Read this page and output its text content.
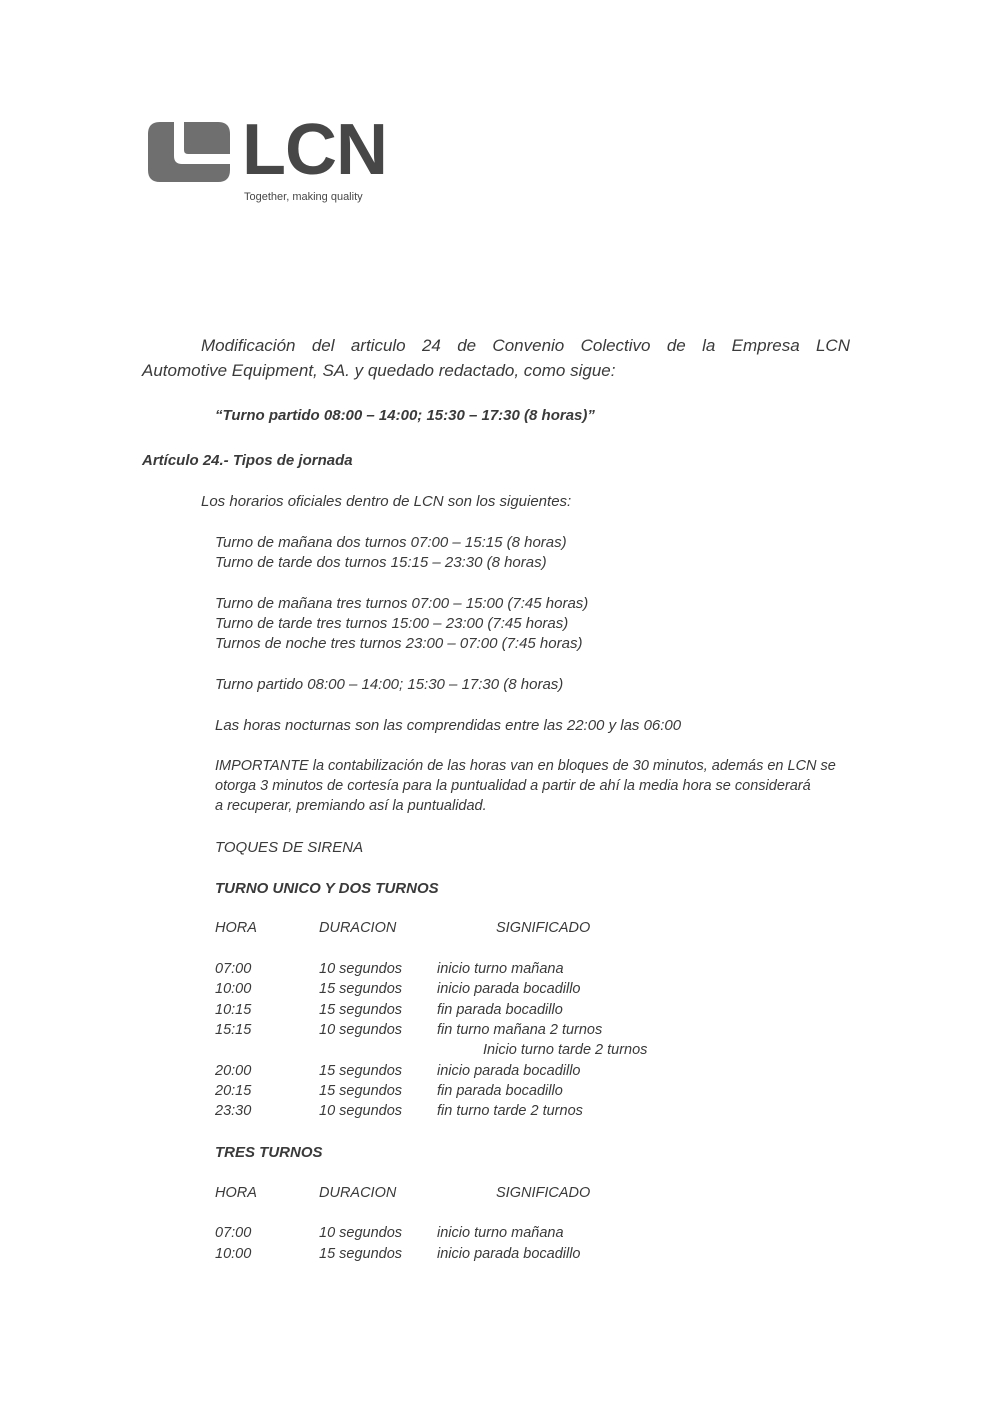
LCN
Together, making quality
Modificación del articulo 24 de Convenio Colectivo de la Empresa LCN
Automotive Equipment, SA. y quedado redactado, como sigue:
“Turno partido 08:00 – 14:00; 15:30 – 17:30 (8 horas)”
Artículo 24.- Tipos de jornada
Los horarios oficiales dentro de LCN son los siguientes:
Turno de mañana dos turnos 07:00 – 15:15 (8 horas)
Turno de tarde dos turnos 15:15 – 23:30 (8 horas)
Turno de mañana tres turnos 07:00 – 15:00 (7:45 horas)
Turno de tarde tres turnos 15:00 – 23:00 (7:45 horas)
Turnos de noche tres turnos 23:00 – 07:00 (7:45 horas)
Turno partido 08:00 – 14:00; 15:30 – 17:30 (8 horas)
Las horas nocturnas son las comprendidas entre las 22:00 y las 06:00
IMPORTANTE la contabilización de las horas van en bloques de 30 minutos, además en LCN se
otorga 3 minutos de cortesía para la puntualidad a partir de ahí la media hora se considerará
a recuperar, premiando así la puntualidad.
TOQUES DE SIRENA
TURNO UNICO Y DOS TURNOS
HORA	DURACION	SIGNIFICADO
07:00	10 segundos inicio turno mañana
10:00	15 segundos inicio parada bocadillo
10:15	15 segundos fin parada bocadillo
15:15	10 segundos fin turno mañana 2 turnos
Inicio turno tarde 2 turnos
20:00	15 segundos inicio parada bocadillo
20:15	15 segundos fin parada bocadillo
23:30	10 segundos fin turno tarde 2 turnos
TRES TURNOS
HORA	DURACION	SIGNIFICADO
07:00	10 segundos inicio turno mañana
10:00	15 segundos inicio parada bocadillo
